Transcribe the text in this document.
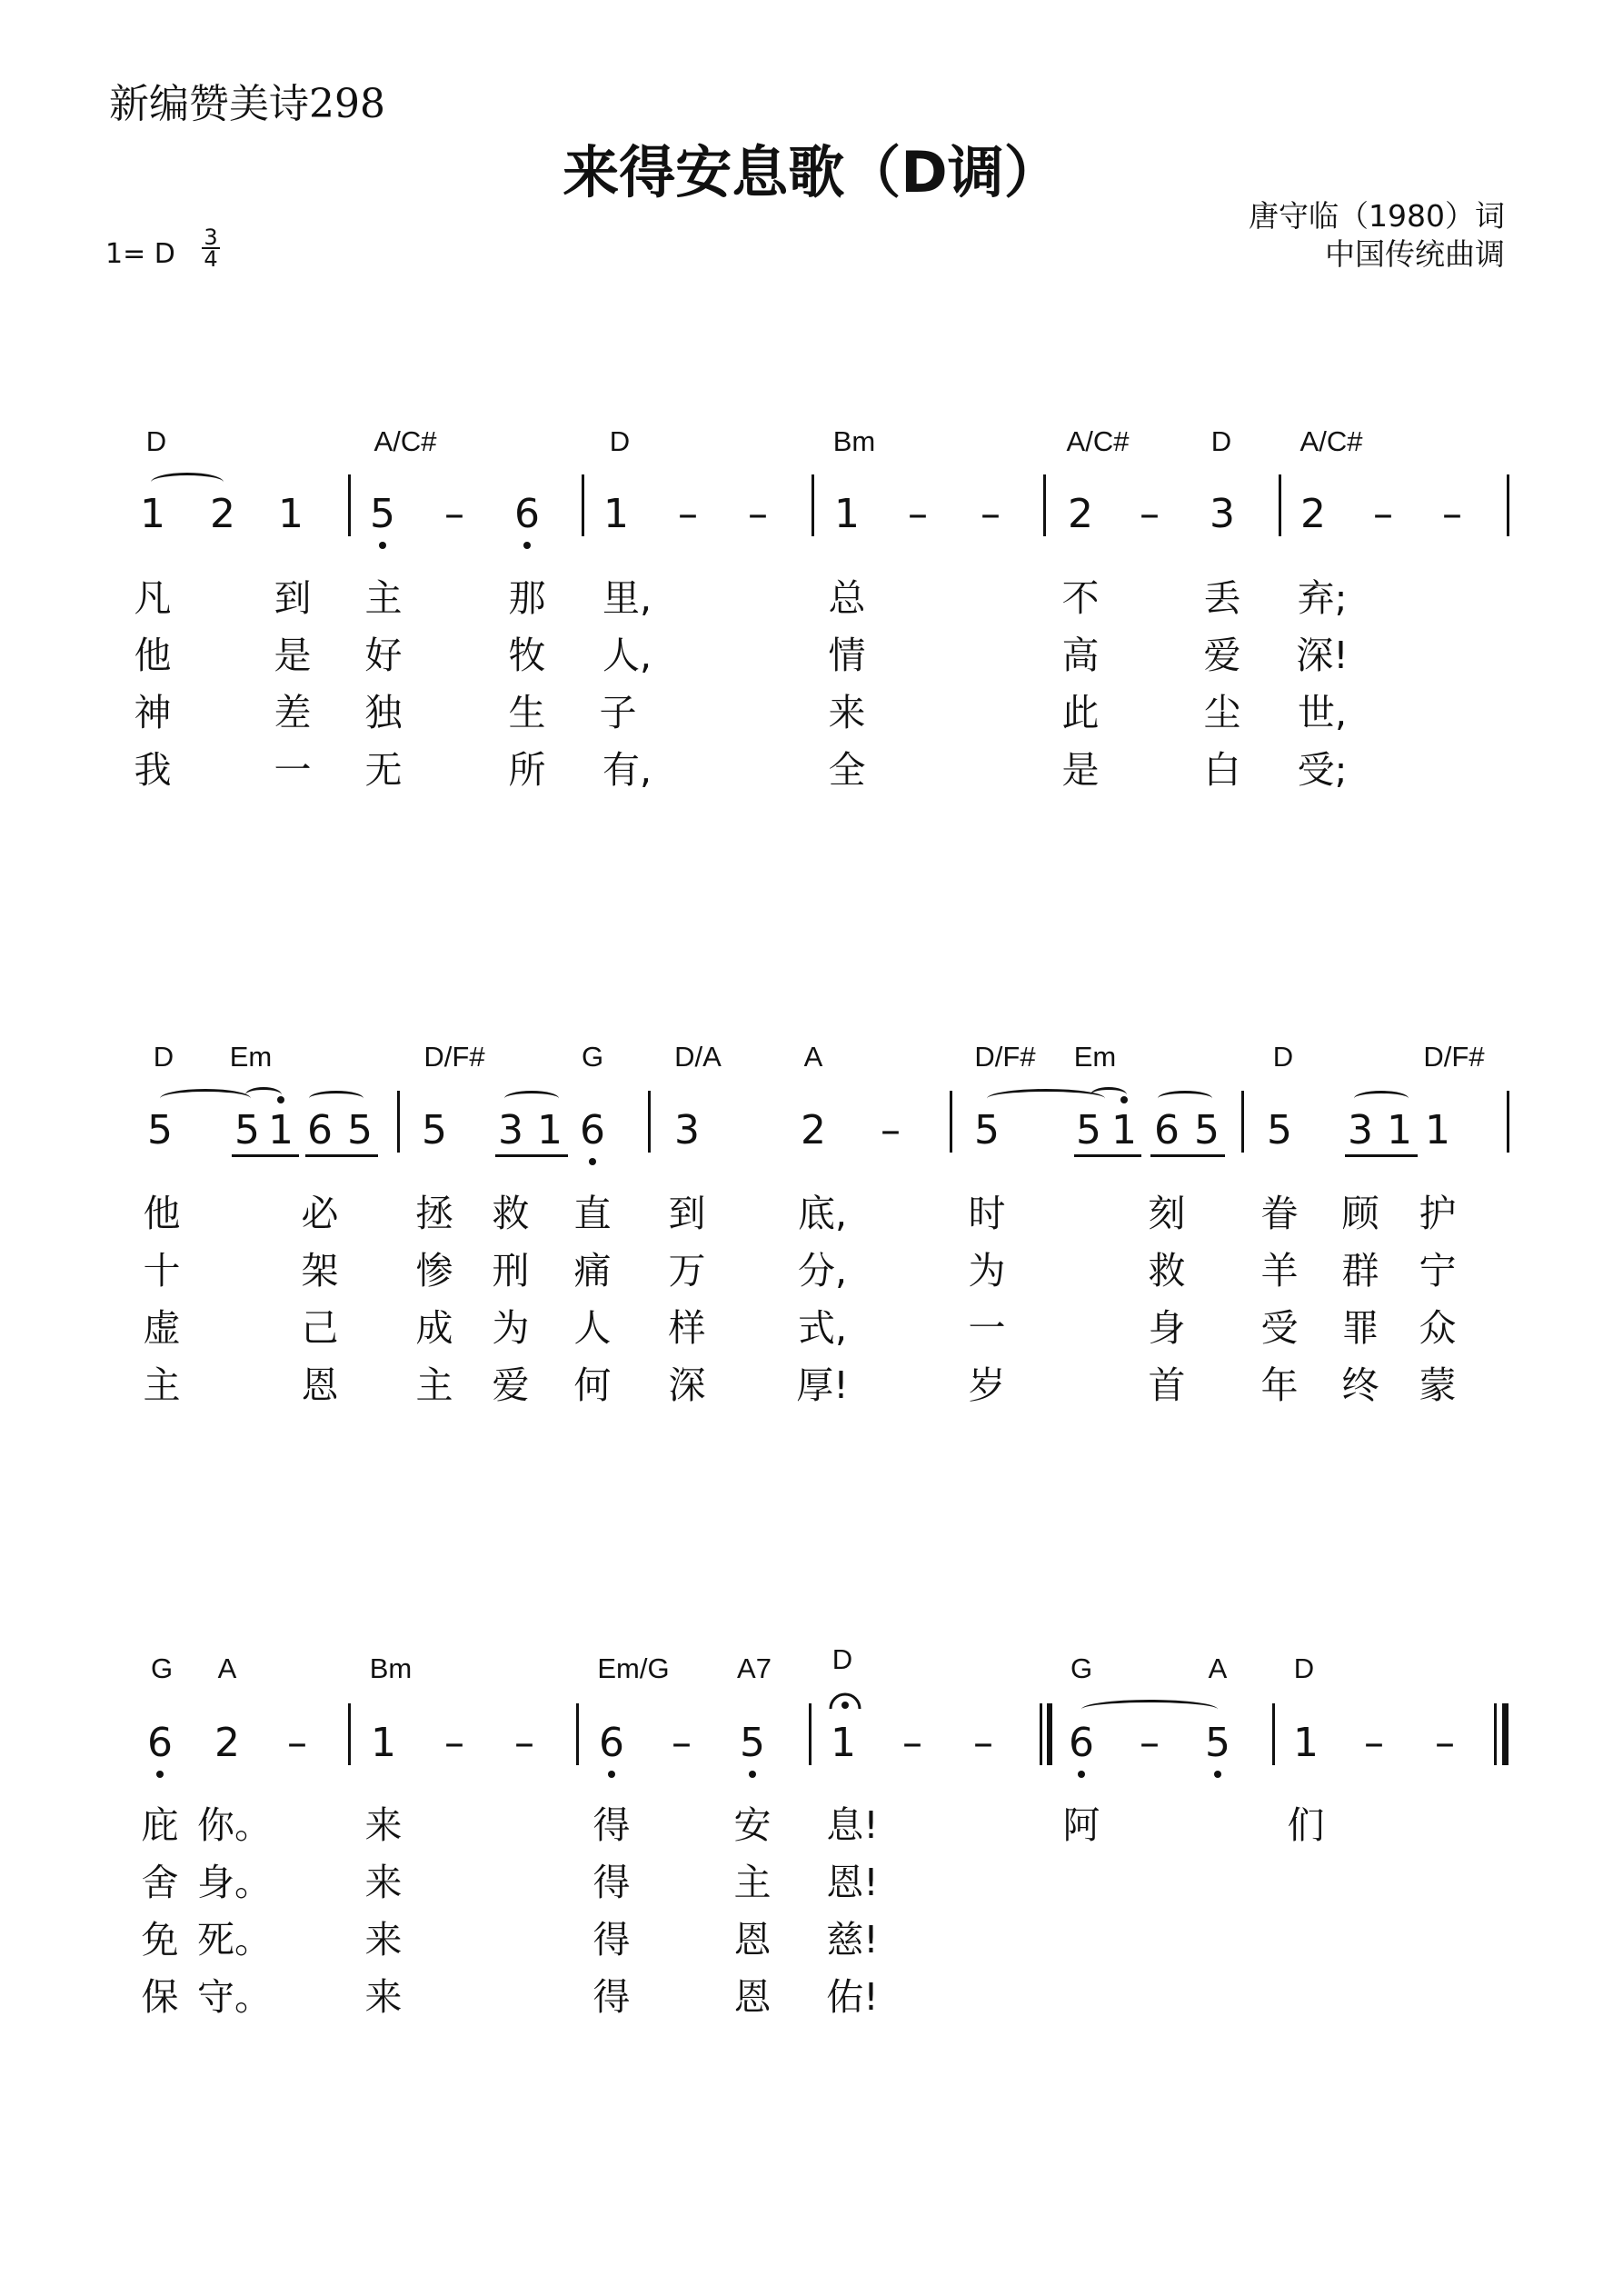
新编赞美诗298
来得安息歌（D调）
唐守临（1980）词
中国传统曲调
1= D
3
4
D	A/C#	D	Bm	A/C#	D A/C#
1 2 1 5 – 6 1 – – 1 – – 2 – 3 2 – –
凡	到 主	那 里,	总	不	丢 弃;
他	是 好	牧 人,	情	高	爱 深!
神	差 独	生 子	来	此	尘 世,
我	一 无	所 有,	全	是	白 受;
D Em	D/F#	G	D/A	A	D/F# Em	D	D/F#
5 5 1 6 5 5 3 1 6 3	2 – 5 5 1 6 5 5 3 1 1
他	必 拯 救 直 到 底,	时	刻 眷 顾 护
十	架 惨 刑 痛 万 分,	为	救 羊 群 宁
虚	己 成 为 人 样 式,	一	身 受 罪 众
主	恩 主 爱 何 深 厚!	岁	首 年 终 蒙
G A	Bm	Em/G A7 D	G	A D
6 2 – 1 – – 6 – 5 1 – – 6 – 5 1 – –
庇 你。	来	得	安 息!	阿	们
舍 身。	来	得	主 恩!
免 死。	来	得	恩 慈!
保 守。	来	得	恩 佑!
